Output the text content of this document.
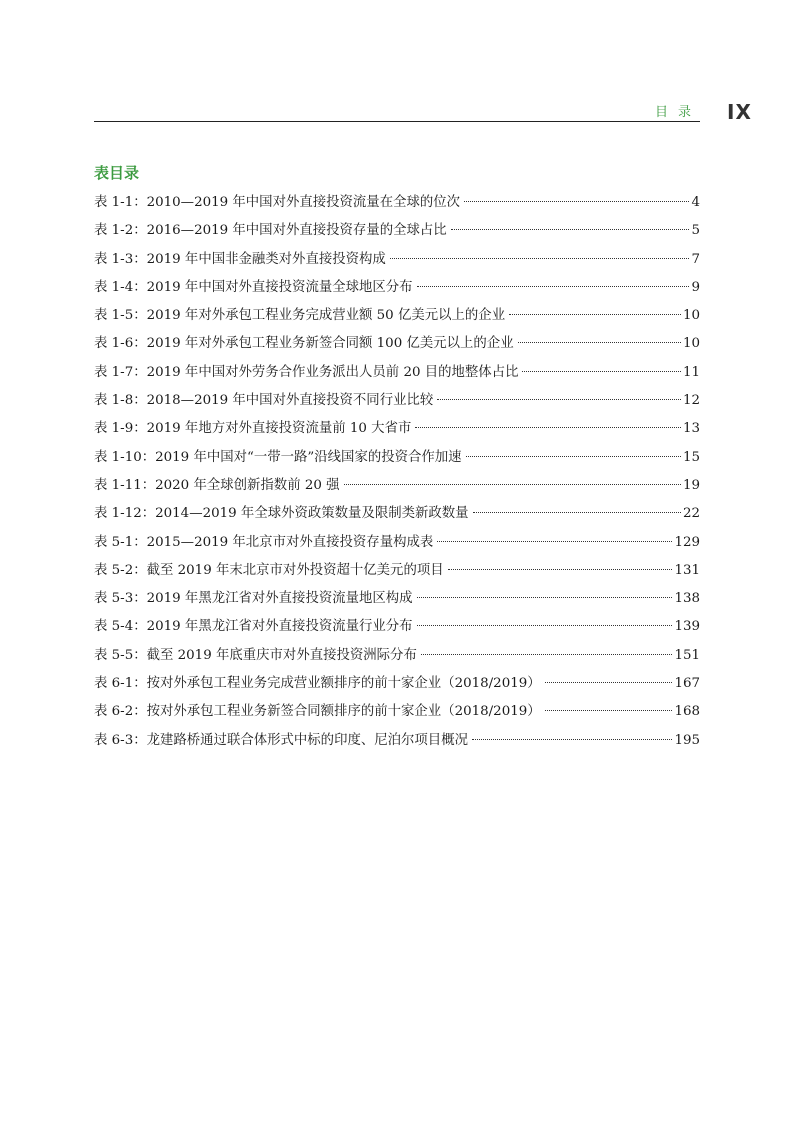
目录 IX
表目录
表 1-1：2010—2019 年中国对外直接投资流量在全球的位次	4
表 1-2：2016—2019 年中国对外直接投资存量的全球占比	5
表 1-3：2019 年中国非金融类对外直接投资构成	7
表 1-4：2019 年中国对外直接投资流量全球地区分布	9
表 1-5：2019 年对外承包工程业务完成营业额 50 亿美元以上的企业	10
表 1-6：2019 年对外承包工程业务新签合同额 100 亿美元以上的企业	10
表 1-7：2019 年中国对外劳务合作业务派出人员前 20 目的地整体占比	11
表 1-8：2018—2019 年中国对外直接投资不同行业比较	12
表 1-9：2019 年地方对外直接投资流量前 10 大省市	13
表 1-10：2019 年中国对“一带一路”沿线国家的投资合作加速	15
表 1-11：2020 年全球创新指数前 20 强	19
表 1-12：2014—2019 年全球外资政策数量及限制类新政数量	22
表 5-1：2015—2019 年北京市对外直接投资存量构成表	129
表 5-2：截至 2019 年末北京市对外投资超十亿美元的项目	131
表 5-3：2019 年黑龙江省对外直接投资流量地区构成	138
表 5-4：2019 年黑龙江省对外直接投资流量行业分布	139
表 5-5：截至 2019 年底重庆市对外直接投资洲际分布	151
表 6-1：按对外承包工程业务完成营业额排序的前十家企业（2018/2019）	167
表 6-2：按对外承包工程业务新签合同额排序的前十家企业（2018/2019）	168
表 6-3：龙建路桥通过联合体形式中标的印度、尼泊尔项目概况	195
